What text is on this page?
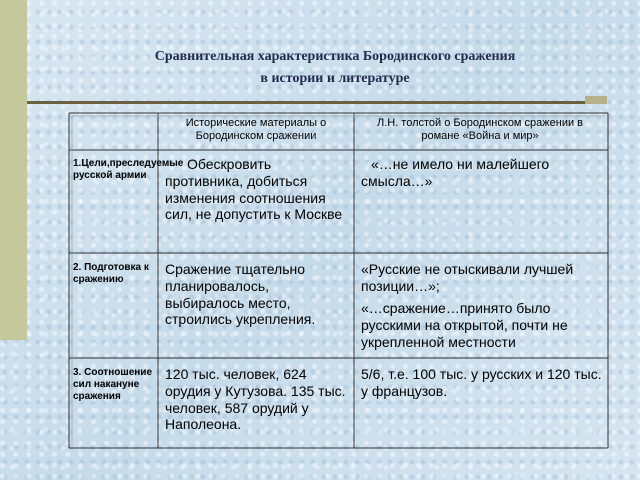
Сравнительная характеристика Бородинского сражения
в истории и литературе
Исторические материалы о Бородинском сражении
Л.Н. толстой о Бородинском сражении в романе «Война и мир»
1.Цели,преследуемые русской армии
Обескровить противника, добиться изменения соотношения сил, не допустить к Москве
«…не имело ни малейшего смысла…»
2. Подготовка к сражению
Сражение тщательно планировалось, выбиралось место, строились укрепления.
«Русские не отыскивали лучшей позиции…»;
«…сражение…принято было русскими на открытой, почти не укрепленной местности
3. Соотношение сил накануне сражения
120 тыс. человек, 624 орудия у Кутузова. 135 тыс. человек, 587 орудий у Наполеона.
5/6, т.е. 100 тыс. у русских и 120 тыс. у французов.
